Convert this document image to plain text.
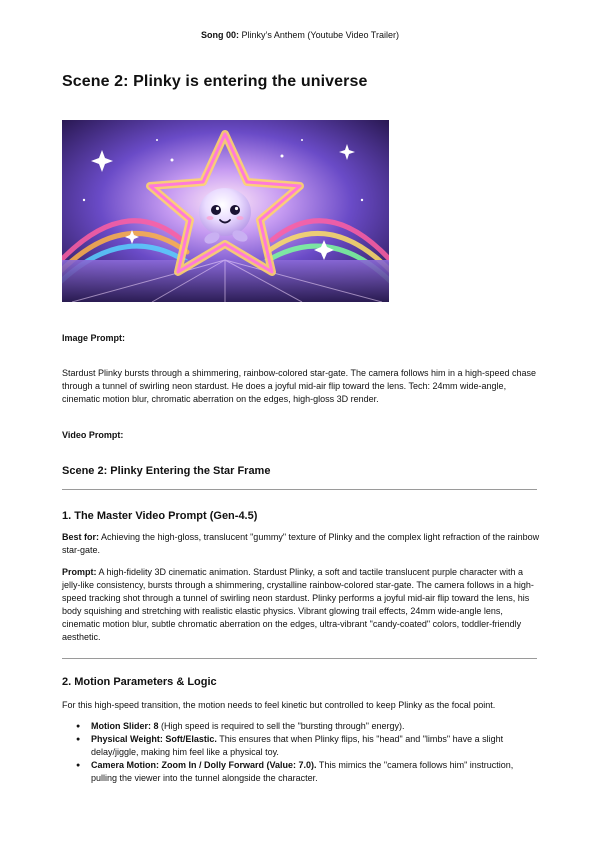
Song 00: Plinky’s Anthem (Youtube Video Trailer)
Scene 2: Plinky is entering the universe

Image Prompt:

Stardust Plinky bursts through a shimmering, rainbow-colored star-gate. The camera follows him in a high-speed chase through a tunnel of swirling neon stardust. He does a joyful mid-air flip toward the lens. Tech: 24mm wide-angle, cinematic motion blur, chromatic aberration on the edges, high-gloss 3D render.

Video Prompt:

Scene 2: Plinky Entering the Star Frame
1. The Master Video Prompt (Gen-4.5)

Best for: Achieving the high-gloss, translucent "gummy" texture of Plinky and the complex light refraction of the rainbow star-gate.

Prompt: A high-fidelity 3D cinematic animation. Stardust Plinky, a soft and tactile translucent purple character with a jelly-like consistency, bursts through a shimmering, crystalline rainbow-colored star-gate. The camera follows in a high-speed tracking shot through a tunnel of swirling neon stardust. Plinky performs a joyful mid-air flip toward the lens, his body squishing and stretching with realistic elastic physics. Vibrant glowing trail effects, 24mm wide-angle lens, cinematic motion blur, subtle chromatic aberration on the edges, ultra-vibrant "candy-coated" colors, toddler-friendly aesthetic.

2. Motion Parameters & Logic

For this high-speed transition, the motion needs to feel kinetic but controlled to keep Plinky as the focal point.

● Motion Slider: 8 (High speed is required to sell the "bursting through" energy).
● Physical Weight: Soft/Elastic. This ensures that when Plinky flips, his "head" and "limbs" have a slight delay/jiggle, making him feel like a physical toy.
● Camera Motion: Zoom In / Dolly Forward (Value: 7.0). This mimics the "camera follows him" instruction, pulling the viewer into the tunnel alongside the character.
